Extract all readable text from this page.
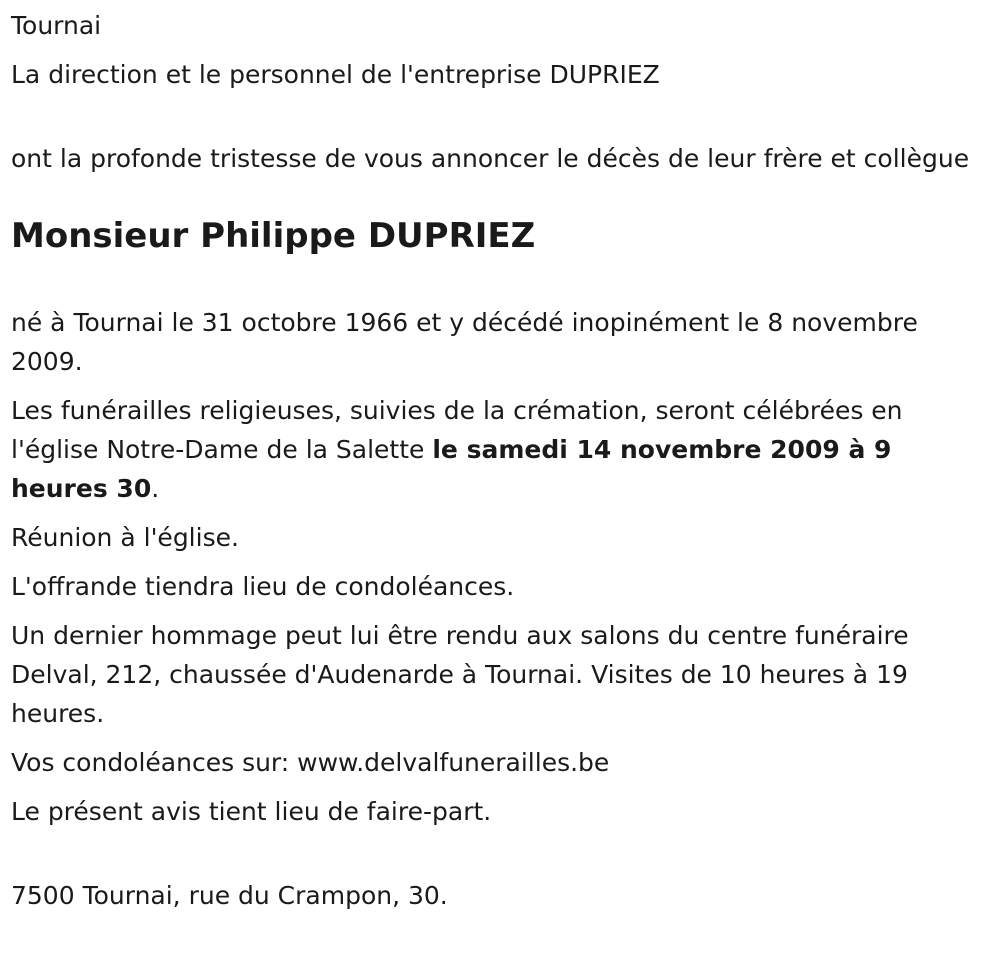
Tournai

La direction et le personnel de l'entreprise DUPRIEZ

ont la profonde tristesse de vous annoncer le décès de leur frère et collègue

Monsieur Philippe DUPRIEZ

né à Tournai le 31 octobre 1966 et y décédé inopinément le 8 novembre 2009.

Les funérailles religieuses, suivies de la crémation, seront célébrées en l'église Notre-Dame de la Salette le samedi 14 novembre 2009 à 9 heures 30.

Réunion à l'église.

L'offrande tiendra lieu de condoléances.

Un dernier hommage peut lui être rendu aux salons du centre funéraire Delval, 212, chaussée d'Audenarde à Tournai. Visites de 10 heures à 19 heures.

Vos condoléances sur: www.delvalfunerailles.be

Le présent avis tient lieu de faire-part.

7500 Tournai, rue du Crampon, 30.
